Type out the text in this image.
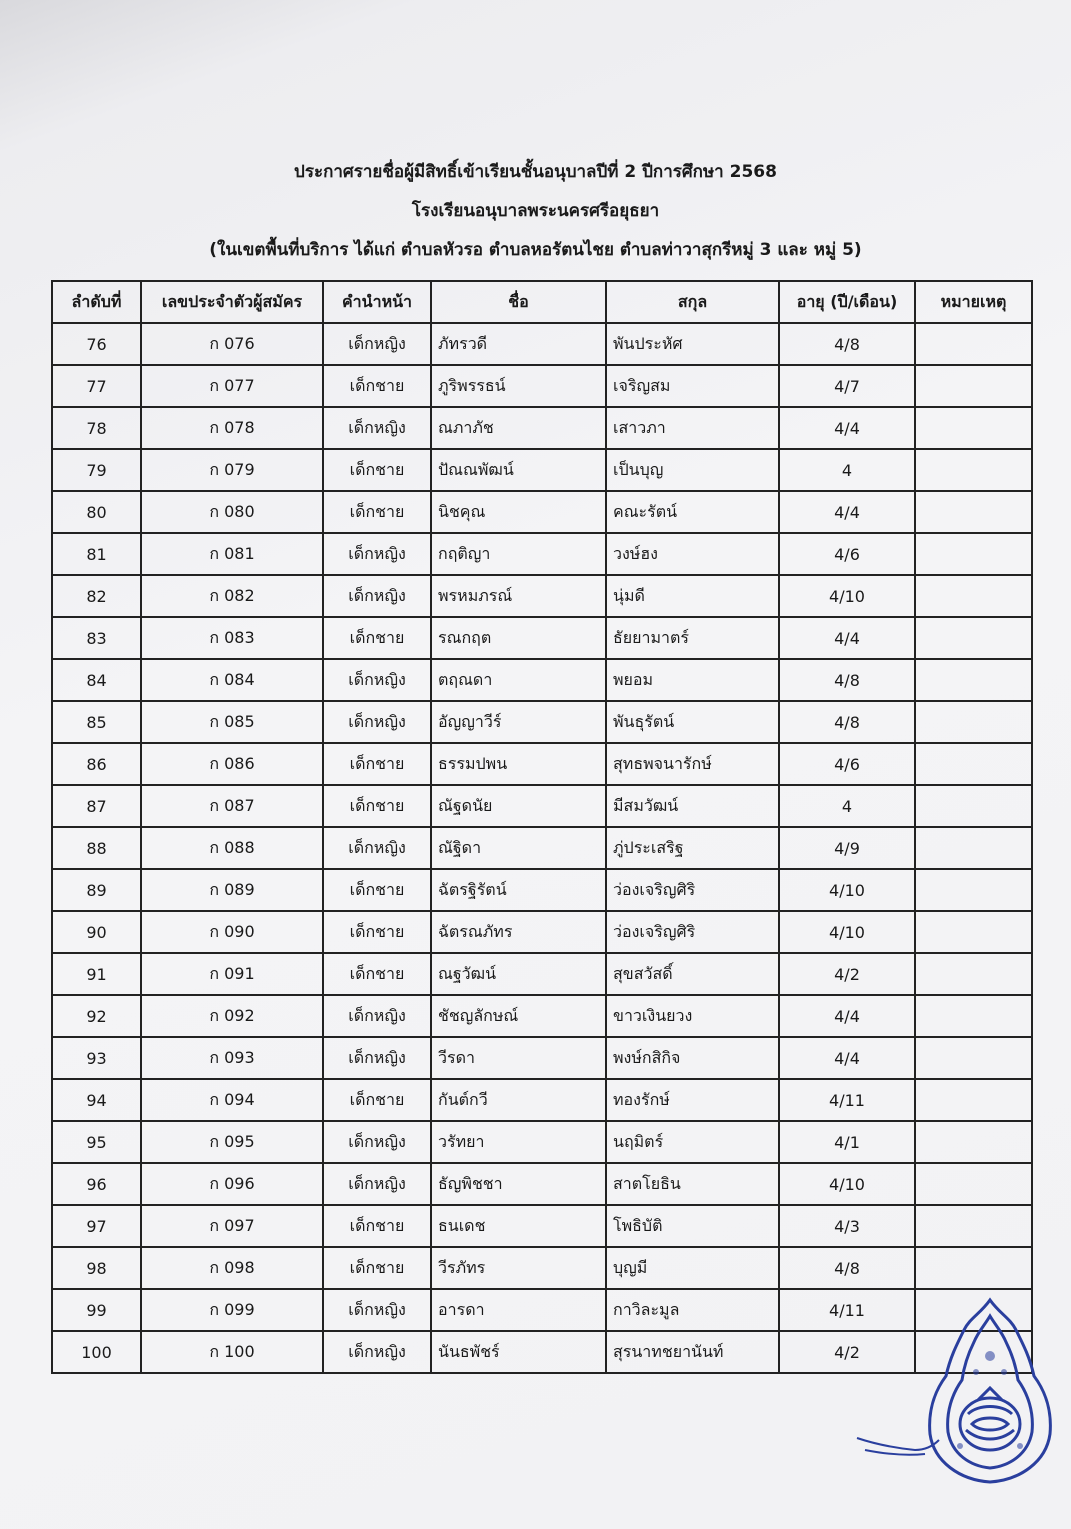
ประกาศรายชื่อผู้มีสิทธิ์เข้าเรียนชั้นอนุบาลปีที่ 2 ปีการศึกษา 2568
โรงเรียนอนุบาลพระนครศรีอยุธยา
(ในเขตพื้นที่บริการ ได้แก่ ตำบลหัวรอ ตำบลหอรัตนไชย ตำบลท่าวาสุกรีหมู่ 3 และ หมู่ 5)
ลำดับที่	เลขประจำตัวผู้สมัคร	คำนำหน้า	ชื่อ	สกุล	อายุ (ปี/เดือน)	หมายเหตุ
76	ก 076	เด็กหญิง	ภัทรวดี	พันประหัศ	4/8	
77	ก 077	เด็กชาย	ภูริพรรธน์	เจริญสม	4/7	
78	ก 078	เด็กหญิง	ณภาภัช	เสาวภา	4/4	
79	ก 079	เด็กชาย	ปัณณพัฒน์	เป็นบุญ	4	
80	ก 080	เด็กชาย	นิชคุณ	คณะรัตน์	4/4	
81	ก 081	เด็กหญิง	กฤติญา	วงษ์ฮง	4/6	
82	ก 082	เด็กหญิง	พรหมภรณ์	นุ่มดี	4/10	
83	ก 083	เด็กชาย	รณกฤต	ธัยยามาตร์	4/4	
84	ก 084	เด็กหญิง	ตฤณดา	พยอม	4/8	
85	ก 085	เด็กหญิง	อัญญาวีร์	พันธุรัตน์	4/8	
86	ก 086	เด็กชาย	ธรรมปพน	สุทธพจนารักษ์	4/6	
87	ก 087	เด็กชาย	ณัฐดนัย	มีสมวัฒน์	4	
88	ก 088	เด็กหญิง	ณัฐิดา	ภู่ประเสริฐ	4/9	
89	ก 089	เด็กชาย	ฉัตรฐิรัตน์	ว่องเจริญศิริ	4/10	
90	ก 090	เด็กชาย	ฉัตรณภัทร	ว่องเจริญศิริ	4/10	
91	ก 091	เด็กชาย	ณฐวัฒน์	สุขสวัสดิ์	4/2	
92	ก 092	เด็กหญิง	ชัชญลักษณ์	ขาวเงินยวง	4/4	
93	ก 093	เด็กหญิง	วีรดา	พงษ์กสิกิจ	4/4	
94	ก 094	เด็กชาย	กันต์กวี	ทองรักษ์	4/11	
95	ก 095	เด็กหญิง	วรัทยา	นฤมิตร์	4/1	
96	ก 096	เด็กหญิง	ธัญพิชชา	สาตโยธิน	4/10	
97	ก 097	เด็กชาย	ธนเดช	โพธิบัติ	4/3	
98	ก 098	เด็กชาย	วีรภัทร	บุญมี	4/8	
99	ก 099	เด็กหญิง	อารดา	กาวิละมูล	4/11	
100	ก 100	เด็กหญิง	นันธพัชร์	สุรนาทชยานันท์	4/2	
